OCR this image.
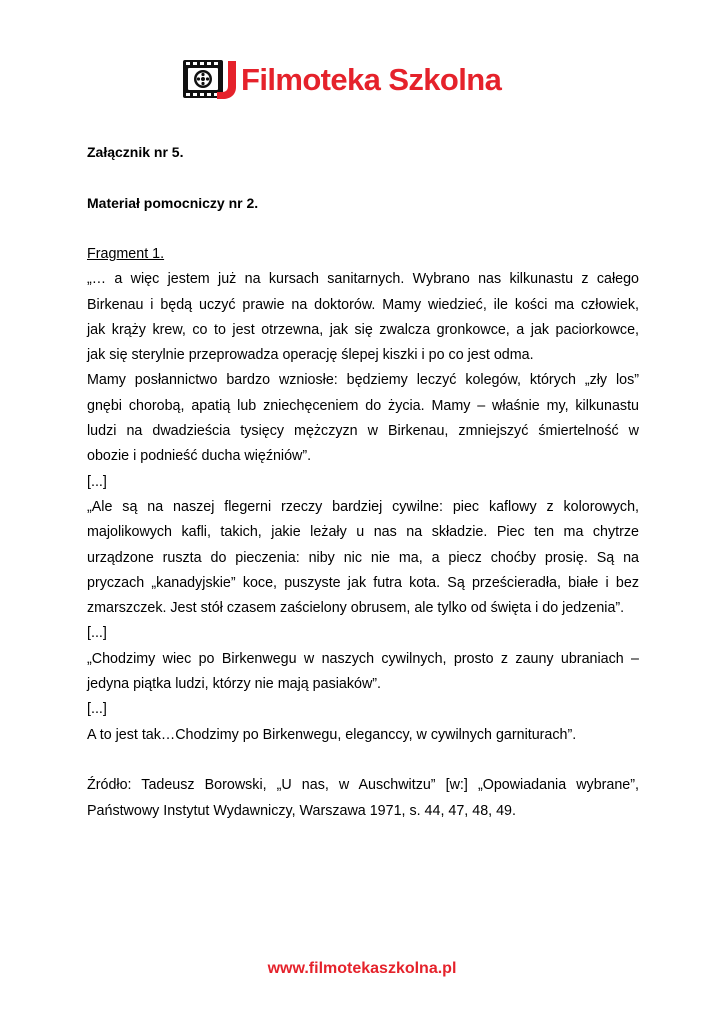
Filmoteka Szkolna
Załącznik nr 5.
Materiał pomocniczy nr 2.

Fragment 1.

„… a więc jestem już na kursach sanitarnych. Wybrano nas kilkunastu z całego

Birkenau i będą uczyć prawie na doktorów. Mamy wiedzieć, ile kości ma człowiek,

jak krąży krew, co to jest otrzewna, jak się zwalcza gronkowce, a jak paciorkowce,

jak się sterylnie przeprowadza operację ślepej kiszki i po co jest odma.

Mamy posłannictwo bardzo wzniosłe: będziemy leczyć kolegów, których „zły los”

gnębi chorobą, apatią lub zniechęceniem do życia. Mamy – właśnie my, kilkunastu

ludzi na dwadzieścia tysięcy mężczyzn w Birkenau, zmniejszyć śmiertelność w

obozie i podnieść ducha więźniów”.

[...]

„Ale są na naszej flegerni rzeczy bardziej cywilne: piec kaflowy z kolorowych,

majolikowych kafli, takich, jakie leżały u nas na składzie. Piec ten ma chytrze

urządzone ruszta do pieczenia: niby nic nie ma, a piecz choćby prosię. Są na

pryczach „kanadyjskie” koce, puszyste jak futra kota. Są prześcieradła, białe i bez

zmarszczek. Jest stół czasem zaścielony obrusem, ale tylko od święta i do jedzenia”.

[...]

„Chodzimy wiec po Birkenwegu w naszych cywilnych, prosto z zauny ubraniach –

jedyna piątka ludzi, którzy nie mają pasiaków”.

[...]

A to jest tak…Chodzimy po Birkenwegu, eleganccy, w cywilnych garniturach”.

Źródło: Tadeusz Borowski, „U nas, w Auschwitzu” [w:] „Opowiadania wybrane”,

Państwowy Instytut Wydawniczy, Warszawa 1971, s. 44, 47, 48, 49.

www.filmotekaszkolna.pl
